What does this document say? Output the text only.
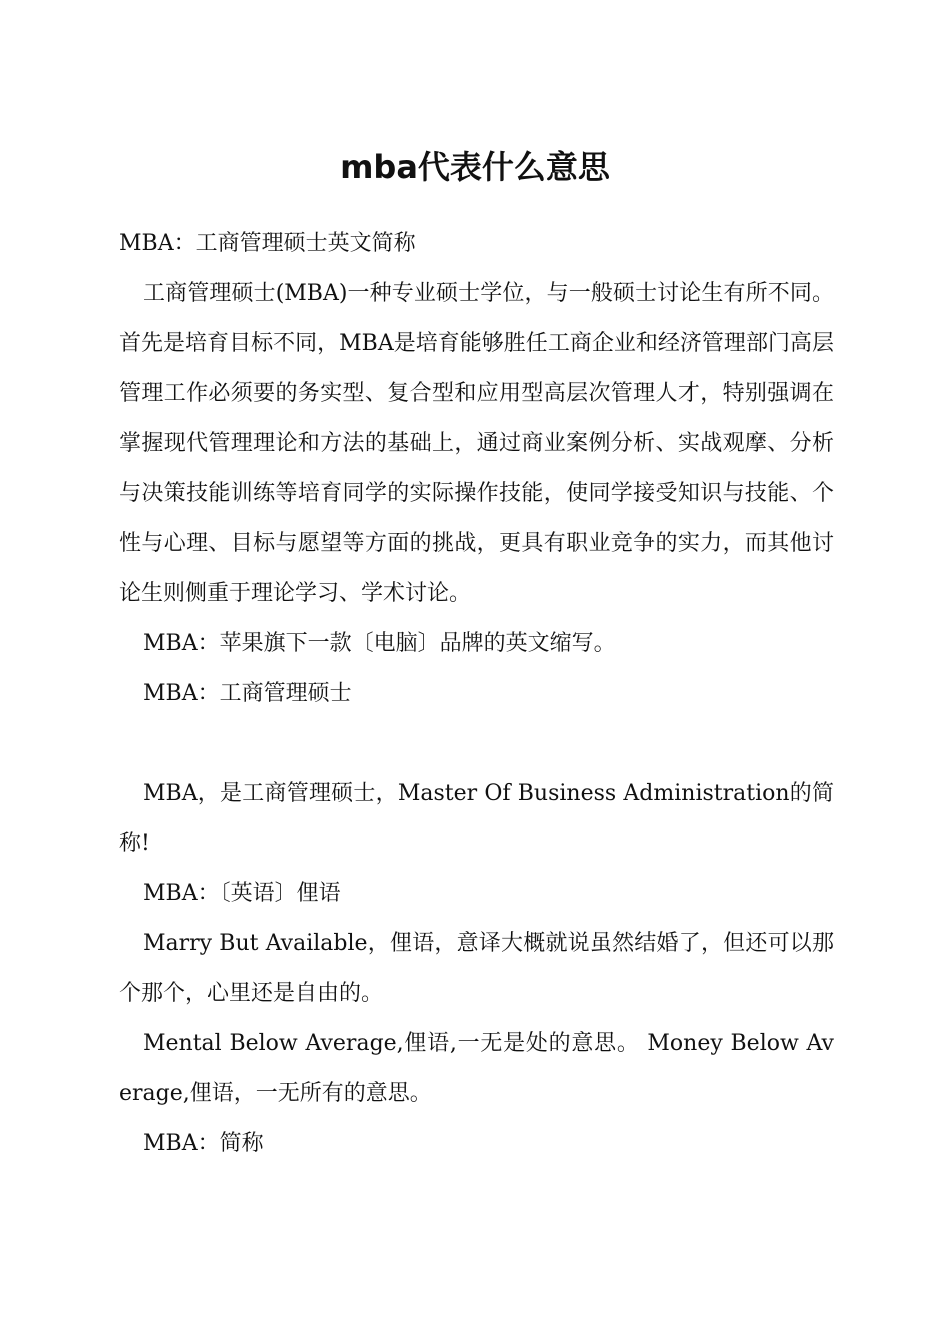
mba代表什么意思

MBA：工商管理硕士英文简称

工商管理硕士(MBA)一种专业硕士学位，与一般硕士讨论生有所不同。首先是培育目标不同，MBA是培育能够胜任工商企业和经济管理部门高层管理工作必须要的务实型、复合型和应用型高层次管理人才，特别强调在掌握现代管理理论和方法的基础上，通过商业案例分析、实战观摩、分析与决策技能训练等培育同学的实际操作技能，使同学接受知识与技能、个性与心理、目标与愿望等方面的挑战，更具有职业竞争的实力，而其他讨论生则侧重于理论学习、学术讨论。

MBA：苹果旗下一款〔电脑〕品牌的英文缩写。

MBA：工商管理硕士

MBA，是工商管理硕士，Master Of Business Administration的简称!

MBA：〔英语〕俚语

Marry But Available，俚语，意译大概就说虽然结婚了，但还可以那个那个，心里还是自由的。

Mental Below Average,俚语,一无是处的意思。 Money Below Average,俚语，一无所有的意思。

MBA：简称
